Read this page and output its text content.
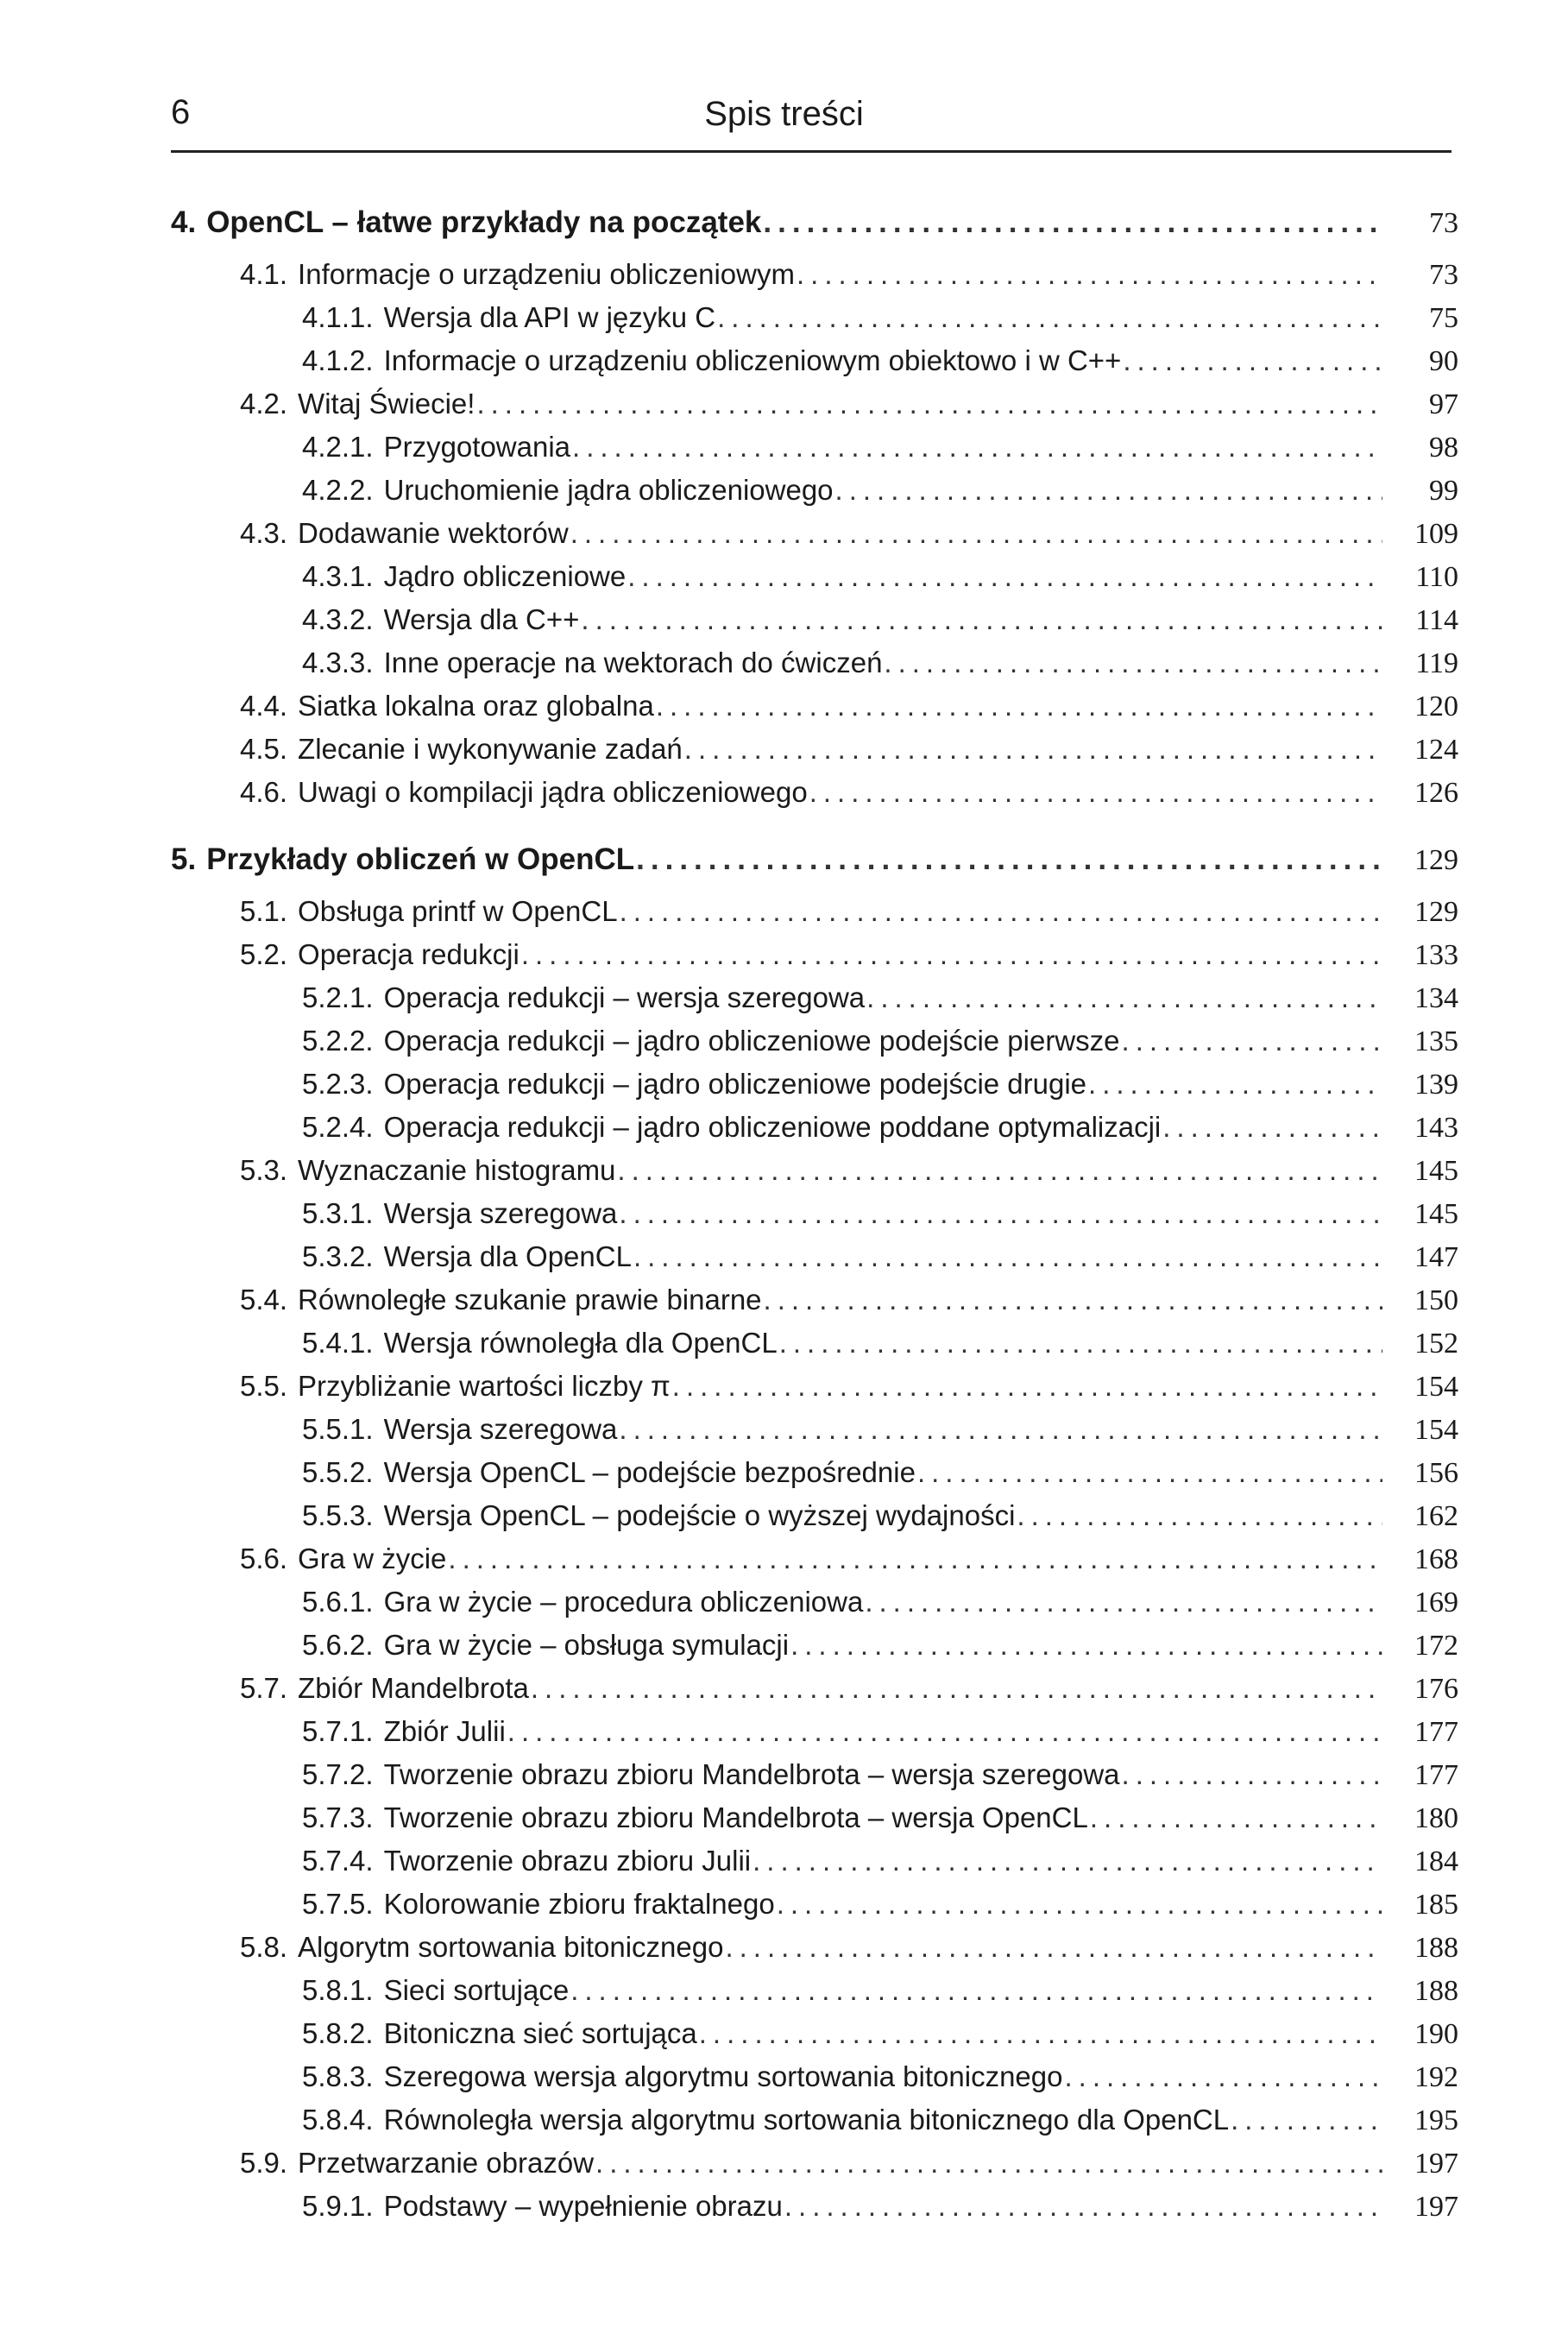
6	Spis treści
4. OpenCL – łatwe przykłady na początek .....	73
4.1. Informacje o urządzeniu obliczeniowym .....	73
4.1.1. Wersja dla API w języku C .....	75
4.1.2. Informacje o urządzeniu obliczeniowym obiektowo i w C++ .....	90
4.2. Witaj Świecie! .....	97
4.2.1. Przygotowania .....	98
4.2.2. Uruchomienie jądra obliczeniowego .....	99
4.3. Dodawanie wektorów .....	109
4.3.1. Jądro obliczeniowe .....	110
4.3.2. Wersja dla C++ .....	114
4.3.3. Inne operacje na wektorach do ćwiczeń .....	119
4.4. Siatka lokalna oraz globalna .....	120
4.5. Zlecanie i wykonywanie zadań .....	124
4.6. Uwagi o kompilacji jądra obliczeniowego .....	126
5. Przykłady obliczeń w OpenCL .....	129
5.1. Obsługa printf w OpenCL .....	129
5.2. Operacja redukcji .....	133
5.2.1. Operacja redukcji – wersja szeregowa .....	134
5.2.2. Operacja redukcji – jądro obliczeniowe podejście pierwsze .....	135
5.2.3. Operacja redukcji – jądro obliczeniowe podejście drugie .....	139
5.2.4. Operacja redukcji – jądro obliczeniowe poddane optymalizacji .....	143
5.3. Wyznaczanie histogramu .....	145
5.3.1. Wersja szeregowa .....	145
5.3.2. Wersja dla OpenCL .....	147
5.4. Równoległe szukanie prawie binarne .....	150
5.4.1. Wersja równoległa dla OpenCL .....	152
5.5. Przybliżanie wartości liczby π .....	154
5.5.1. Wersja szeregowa .....	154
5.5.2. Wersja OpenCL – podejście bezpośrednie .....	156
5.5.3. Wersja OpenCL – podejście o wyższej wydajności .....	162
5.6. Gra w życie .....	168
5.6.1. Gra w życie – procedura obliczeniowa .....	169
5.6.2. Gra w życie – obsługa symulacji .....	172
5.7. Zbiór Mandelbrota .....	176
5.7.1. Zbiór Julii .....	177
5.7.2. Tworzenie obrazu zbioru Mandelbrota – wersja szeregowa .....	177
5.7.3. Tworzenie obrazu zbioru Mandelbrota – wersja OpenCL .....	180
5.7.4. Tworzenie obrazu zbioru Julii .....	184
5.7.5. Kolorowanie zbioru fraktalnego .....	185
5.8. Algorytm sortowania bitonicznego .....	188
5.8.1. Sieci sortujące .....	188
5.8.2. Bitoniczna sieć sortująca .....	190
5.8.3. Szeregowa wersja algorytmu sortowania bitonicznego .....	192
5.8.4. Równoległa wersja algorytmu sortowania bitonicznego dla OpenCL .....	195
5.9. Przetwarzanie obrazów .....	197
5.9.1. Podstawy – wypełnienie obrazu .....	197
